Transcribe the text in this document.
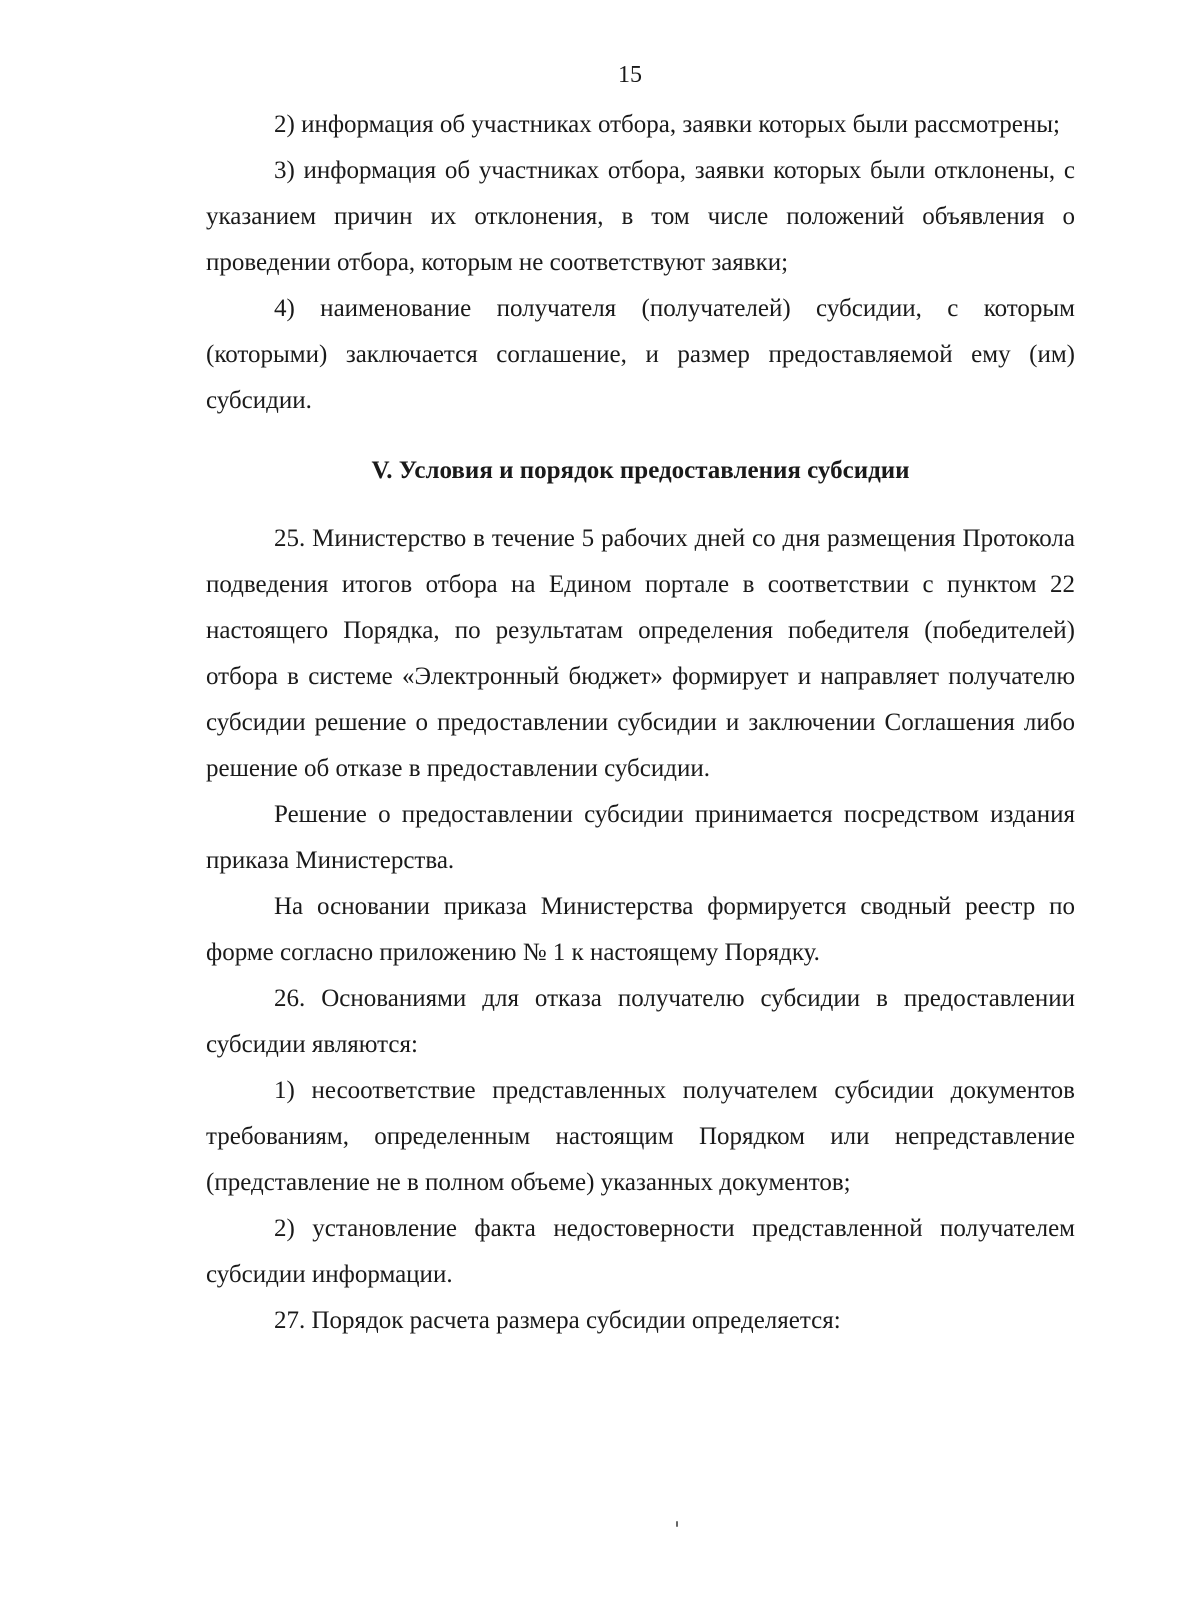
15

2) информация об участниках отбора, заявки которых были рассмотрены;

3) информация об участниках отбора, заявки которых были отклонены, с указанием причин их отклонения, в том числе положений объявления о проведении отбора, которым не соответствуют заявки;

4) наименование получателя (получателей) субсидии, с которым (которыми) заключается соглашение, и размер предоставляемой ему (им) субсидии.

V. Условия и порядок предоставления субсидии

25. Министерство в течение 5 рабочих дней со дня размещения Протокола подведения итогов отбора на Едином портале в соответствии с пунктом 22 настоящего Порядка, по результатам определения победителя (победителей) отбора в системе «Электронный бюджет» формирует и направляет получателю субсидии решение о предоставлении субсидии и заключении Соглашения либо решение об отказе в предоставлении субсидии.

Решение о предоставлении субсидии принимается посредством издания приказа Министерства.

На основании приказа Министерства формируется сводный реестр по форме согласно приложению № 1 к настоящему Порядку.

26. Основаниями для отказа получателю субсидии в предоставлении субсидии являются:

1) несоответствие представленных получателем субсидии документов требованиям, определенным настоящим Порядком или непредставление (представление не в полном объеме) указанных документов;

2) установление факта недостоверности представленной получателем субсидии информации.

27. Порядок расчета размера субсидии определяется:
